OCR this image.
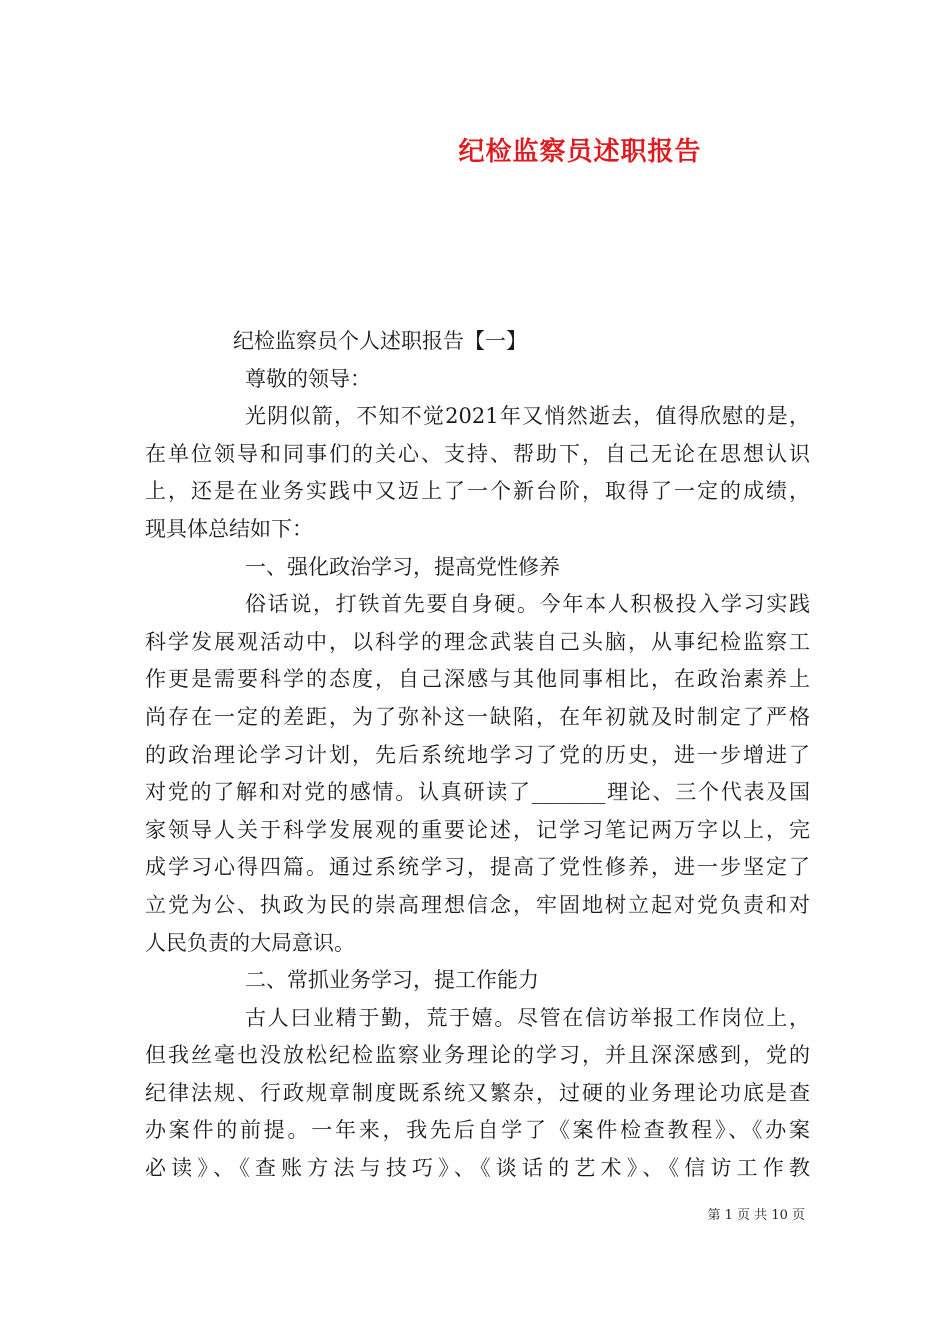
纪检监察员述职报告
纪检监察员个人述职报告【一】
尊敬的领导：
光阴似箭，不知不觉2021年又悄然逝去，值得欣慰的是，
在单位领导和同事们的关心、支持、帮助下，自己无论在思想认识
上，还是在业务实践中又迈上了一个新台阶，取得了一定的成绩，
现具体总结如下：
一、强化政治学习，提高党性修养
俗话说，打铁首先要自身硬。今年本人积极投入学习实践
科学发展观活动中，以科学的理念武装自己头脑，从事纪检监察工
作更是需要科学的态度，自己深感与其他同事相比，在政治素养上
尚存在一定的差距，为了弥补这一缺陷，在年初就及时制定了严格
的政治理论学习计划，先后系统地学习了党的历史，进一步增进了
对党的了解和对党的感情。认真研读了_______理论、三个代表及国
家领导人关于科学发展观的重要论述，记学习笔记两万字以上，完
成学习心得四篇。通过系统学习，提高了党性修养，进一步坚定了
立党为公、执政为民的崇高理想信念，牢固地树立起对党负责和对
人民负责的大局意识。
二、常抓业务学习，提工作能力
古人曰业精于勤，荒于嬉。尽管在信访举报工作岗位上，
但我丝毫也没放松纪检监察业务理论的学习，并且深深感到，党的
纪律法规、行政规章制度既系统又繁杂，过硬的业务理论功底是查
办案件的前提。一年来，我先后自学了《案件检查教程》、《办案
必读》、《查账方法与技巧》、《谈话的艺术》、《信访工作教
第 1 页 共 10 页
